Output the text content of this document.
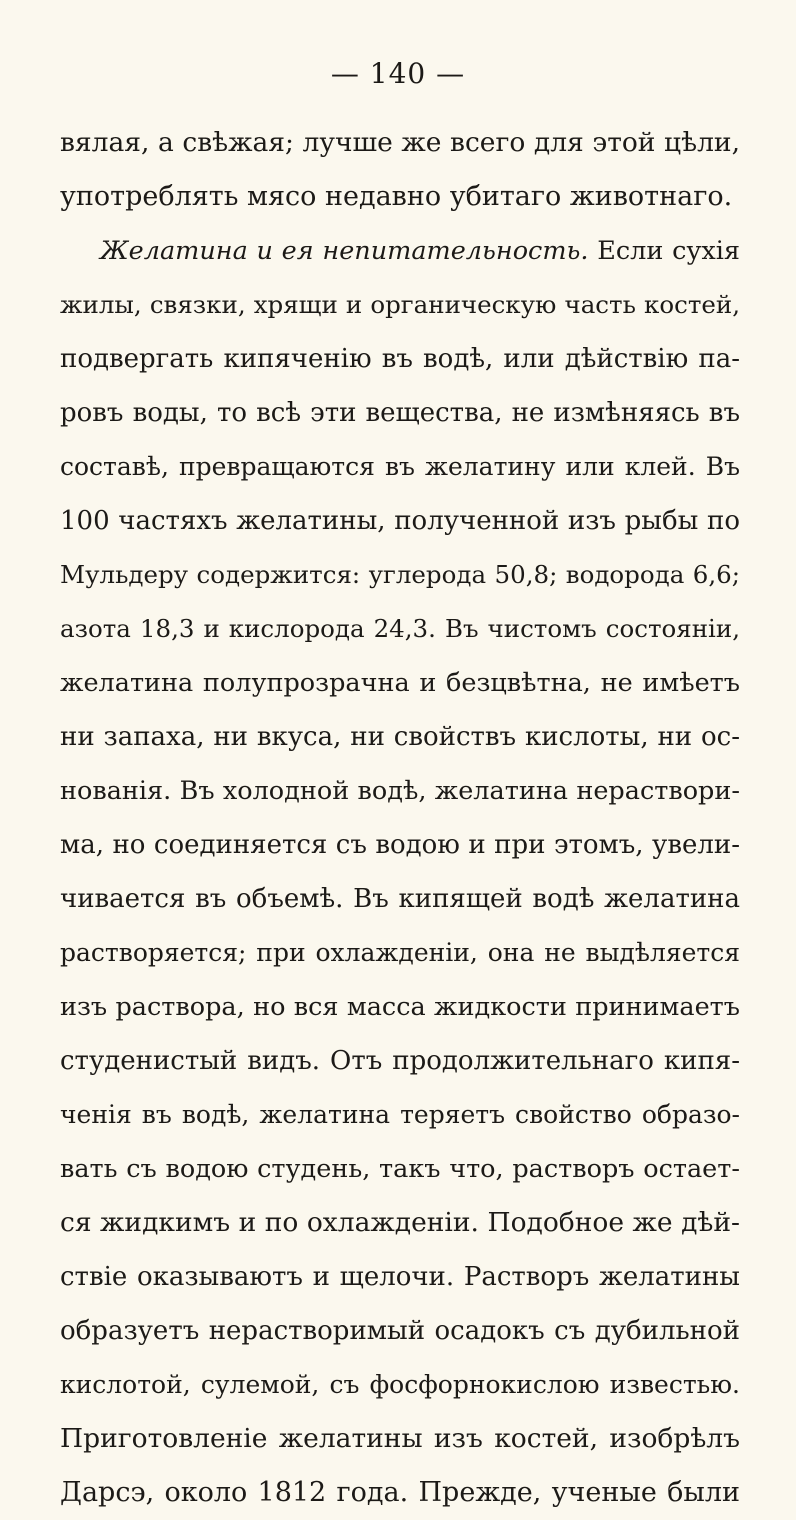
— 140 —
вялая, а свѣжая; лучше же всего для этой цѣли,
употреблять мясо недавно убитаго животнаго.
Желатина и ея непитательность. Если сухія
жилы, связки, хрящи и органическую часть костей,
подвергать кипяченію въ водѣ, или дѣйствію па-
ровъ воды, то всѣ эти вещества, не измѣняясь въ
составѣ, превращаются въ желатину или клей. Въ
100 частяхъ желатины, полученной изъ рыбы по
Мульдеру содержится: углерода 50,8; водорода 6,6;
азота 18,3 и кислорода 24,3. Въ чистомъ состояніи,
желатина полупрозрачна и безцвѣтна, не имѣетъ
ни запаха, ни вкуса, ни свойствъ кислоты, ни ос-
нованія. Въ холодной водѣ, желатина нераствори-
ма, но соединяется съ водою и при этомъ, увели-
чивается въ объемѣ. Въ кипящей водѣ желатина
растворяется; при охлажденіи, она не выдѣляется
изъ раствора, но вся масса жидкости принимаетъ
студенистый видъ. Отъ продолжительнаго кипя-
ченія въ водѣ, желатина теряетъ свойство образо-
вать съ водою студень, такъ что, растворъ остает-
ся жидкимъ и по охлажденіи. Подобное же дѣй-
ствіе оказываютъ и щелочи. Растворъ желатины
образуетъ нерастворимый осадокъ съ дубильной
кислотой, сулемой, съ фосфорнокислою известью.
Приготовленіе желатины изъ костей, изобрѣлъ
Дарсэ, около 1812 года. Прежде, ученые были
